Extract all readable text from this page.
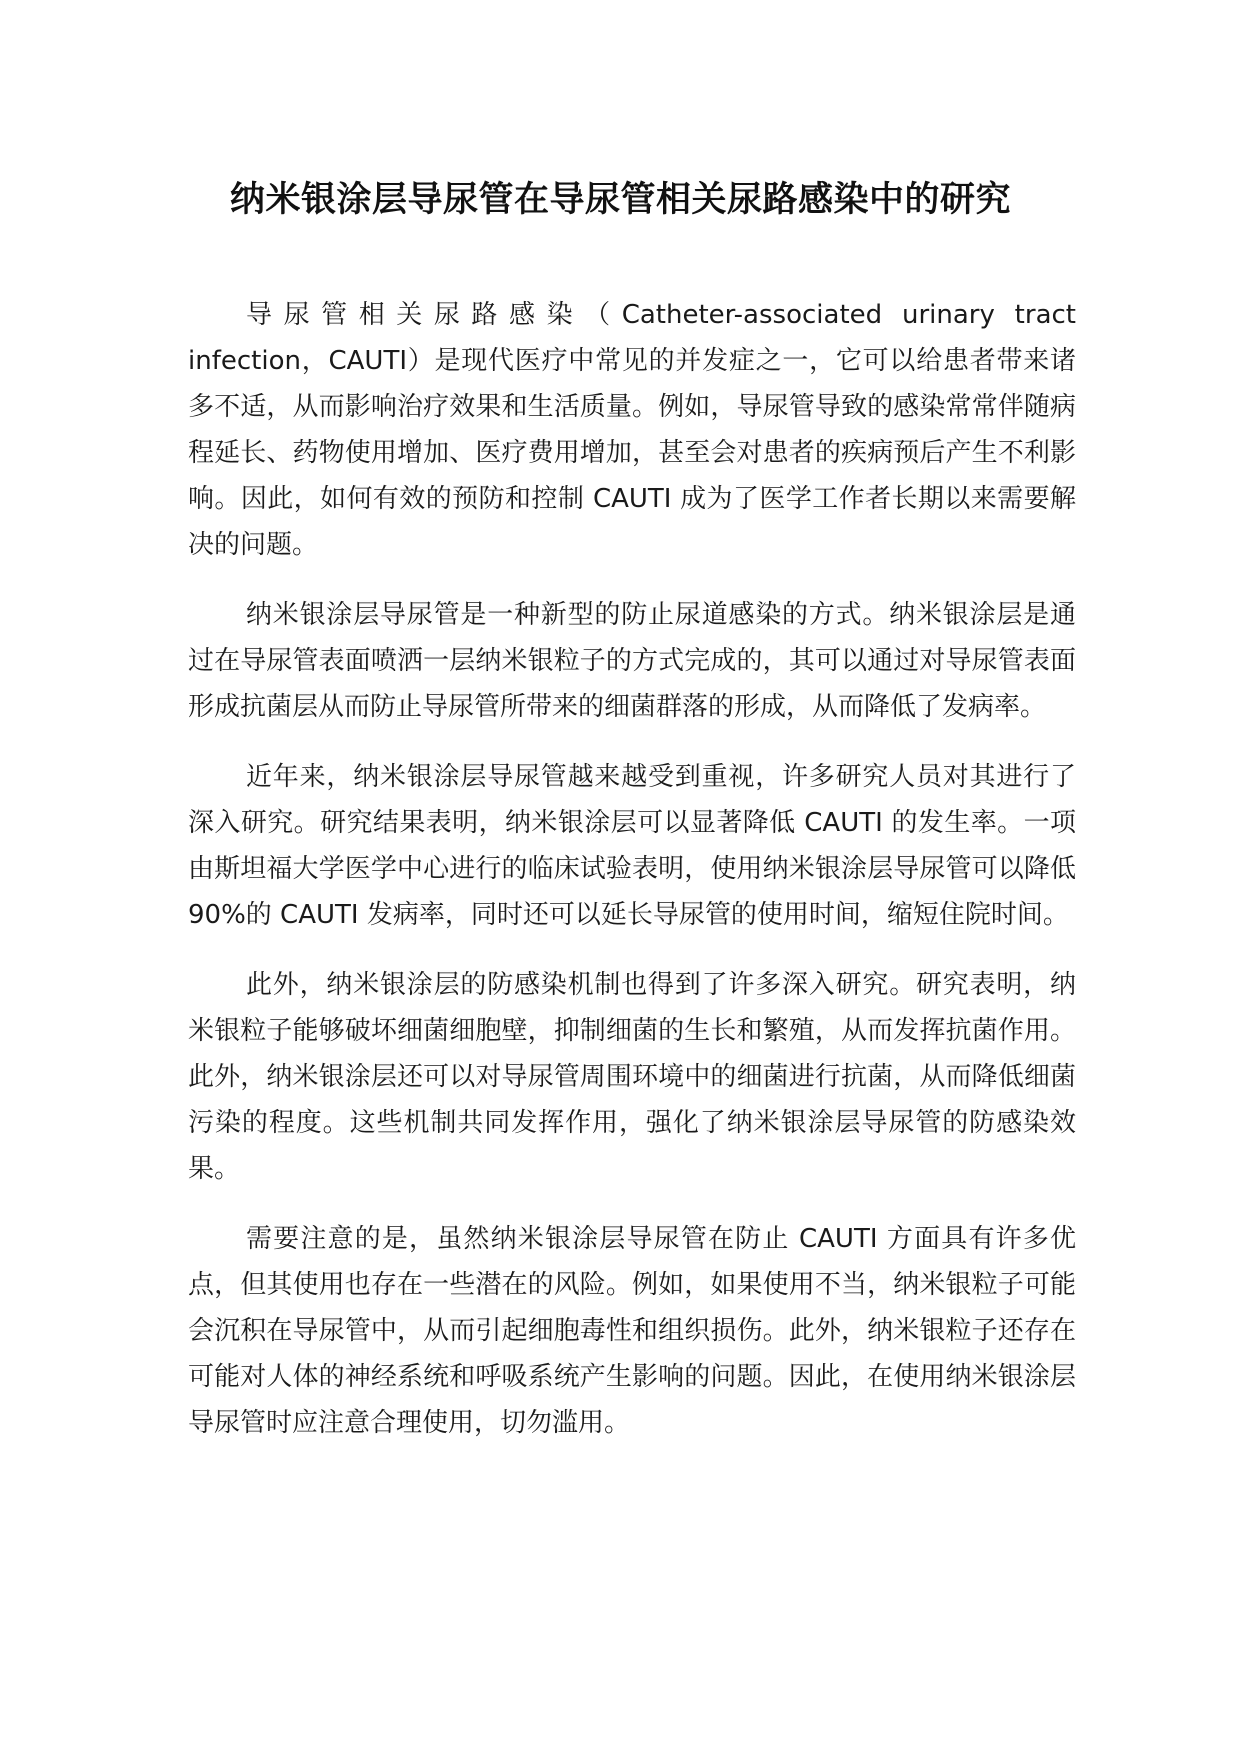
纳米银涂层导尿管在导尿管相关尿路感染中的研究

导尿管相关尿路感染（Catheter-associated urinary tract infection，CAUTI）是现代医疗中常见的并发症之一，它可以给患者带来诸多不适，从而影响治疗效果和生活质量。例如，导尿管导致的感染常常伴随病程延长、药物使用增加、医疗费用增加，甚至会对患者的疾病预后产生不利影响。因此，如何有效的预防和控制 CAUTI 成为了医学工作者长期以来需要解决的问题。

纳米银涂层导尿管是一种新型的防止尿道感染的方式。纳米银涂层是通过在导尿管表面喷洒一层纳米银粒子的方式完成的，其可以通过对导尿管表面形成抗菌层从而防止导尿管所带来的细菌群落的形成，从而降低了发病率。

近年来，纳米银涂层导尿管越来越受到重视，许多研究人员对其进行了深入研究。研究结果表明，纳米银涂层可以显著降低 CAUTI 的发生率。一项由斯坦福大学医学中心进行的临床试验表明，使用纳米银涂层导尿管可以降低 90%的 CAUTI 发病率，同时还可以延长导尿管的使用时间，缩短住院时间。

此外，纳米银涂层的防感染机制也得到了许多深入研究。研究表明，纳米银粒子能够破坏细菌细胞壁，抑制细菌的生长和繁殖，从而发挥抗菌作用。此外，纳米银涂层还可以对导尿管周围环境中的细菌进行抗菌，从而降低细菌污染的程度。这些机制共同发挥作用，强化了纳米银涂层导尿管的防感染效果。

需要注意的是，虽然纳米银涂层导尿管在防止 CAUTI 方面具有许多优点，但其使用也存在一些潜在的风险。例如，如果使用不当，纳米银粒子可能会沉积在导尿管中，从而引起细胞毒性和组织损伤。此外，纳米银粒子还存在可能对人体的神经系统和呼吸系统产生影响的问题。因此，在使用纳米银涂层导尿管时应注意合理使用，切勿滥用。
